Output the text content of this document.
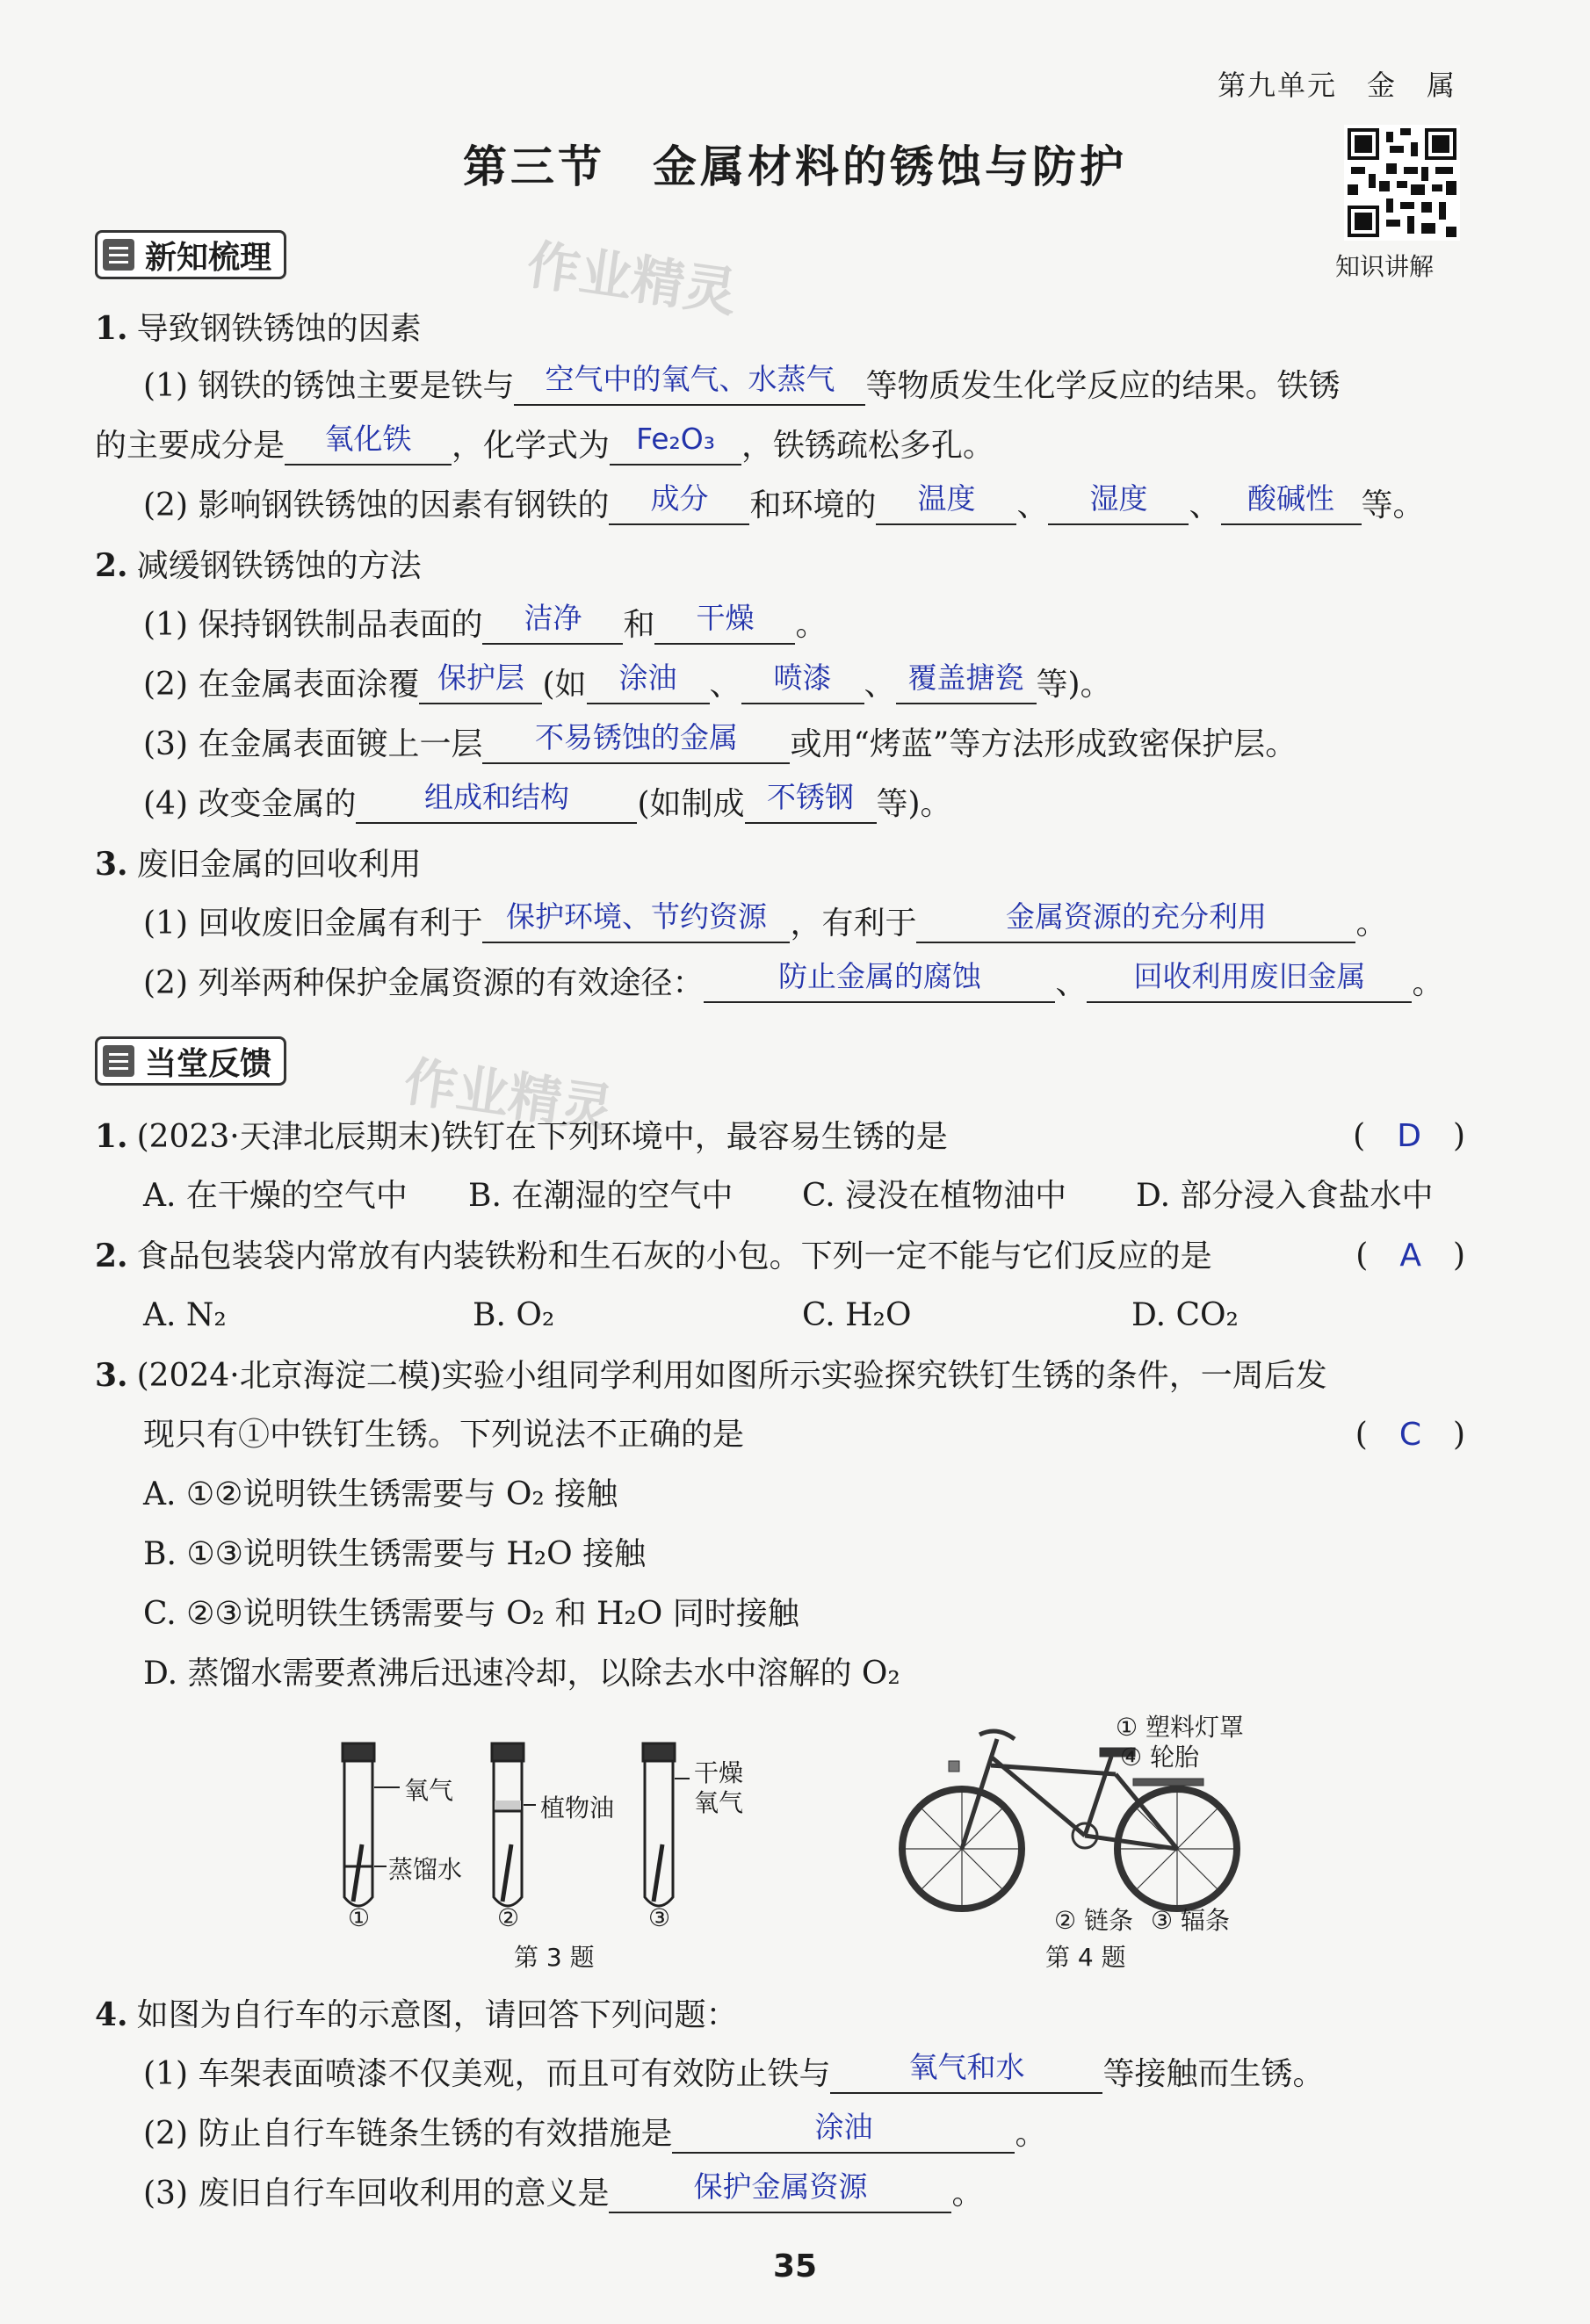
第九单元　金　属
第三节　金属材料的锈蚀与防护
知识讲解
新知梳理	作业精灵
1. 导致钢铁锈蚀的因素
(1) 钢铁的锈蚀主要是铁与 空气中的氧气、水蒸气 等物质发生化学反应的结果。铁锈
的主要成分是 氧化铁 ，化学式为 Fe₂O₃ ，铁锈疏松多孔。
(2) 影响钢铁锈蚀的因素有钢铁的 成分 和环境的 温度 、 湿度 、 酸碱性 等。
2. 减缓钢铁锈蚀的方法
(1) 保持钢铁制品表面的 洁净 和 干燥 。
(2) 在金属表面涂覆 保护层 (如 涂油 、 喷漆 、 覆盖搪瓷 等)。
(3) 在金属表面镀上一层 不易锈蚀的金属 或用“烤蓝”等方法形成致密保护层。
(4) 改变金属的 组成和结构 (如制成 不锈钢 等)。
3. 废旧金属的回收利用
(1) 回收废旧金属有利于 保护环境、节约资源 ，有利于	金属资源的充分利用	。
(2) 列举两种保护金属资源的有效途径：	防止金属的腐蚀 、 回收利用废旧金属 。
当堂反馈 作业精灵
1. (2023·天津北辰期末)铁钉在下列环境中，最容易生锈的是	(　D　)
A. 在干燥的空气中 B. 在潮湿的空气中 C. 浸没在植物油中 D. 部分浸入食盐水中
2. 食品包装袋内常放有内装铁粉和生石灰的小包。下列一定不能与它们反应的是	(　A　)
A. N₂	B. O₂	C. H₂O	D. CO₂
3. (2024·北京海淀二模)实验小组同学利用如图所示实验探究铁钉生锈的条件，一周后发
现只有①中铁钉生锈。下列说法不正确的是	(　C　)
A. ①②说明铁生锈需要与 O₂ 接触
B. ①③说明铁生锈需要与 H₂O 接触
C. ②③说明铁生锈需要与 O₂ 和 H₂O 同时接触
D. 蒸馏水需要煮沸后迅速冷却，以除去水中溶解的 O₂
氧气
植物油
蒸馏水
干燥
氧气
①	②	③
第 3 题
① 塑料灯罩
④ 轮胎
② 链条 ③ 辐条
第 4 题
4. 如图为自行车的示意图，请回答下列问题：
(1) 车架表面喷漆不仅美观，而且可有效防止铁与	氧气和水 等接触而生锈。
(2) 防止自行车链条生锈的有效措施是	涂油	。
(3) 废旧自行车回收利用的意义是	保护金属资源	。
35
